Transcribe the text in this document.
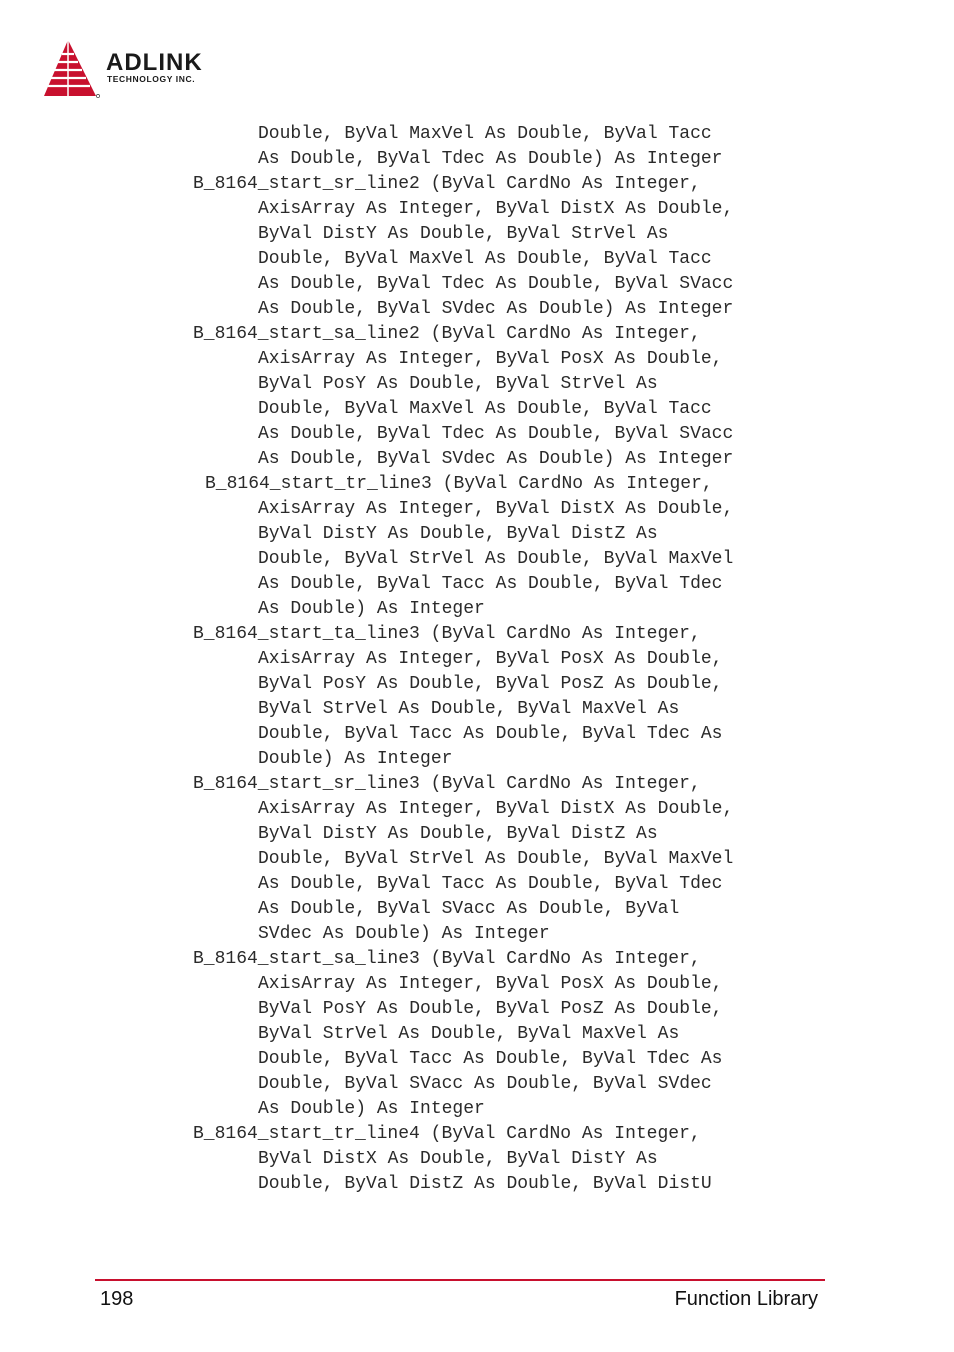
ADLINK
TECHNOLOGY INC.
Double, ByVal MaxVel As Double, ByVal Tacc
As Double, ByVal Tdec As Double) As Integer
B_8164_start_sr_line2 (ByVal CardNo As Integer,
AxisArray As Integer, ByVal DistX As Double,
ByVal DistY As Double, ByVal StrVel As
Double, ByVal MaxVel As Double, ByVal Tacc
As Double, ByVal Tdec As Double, ByVal SVacc
As Double, ByVal SVdec As Double) As Integer
B_8164_start_sa_line2 (ByVal CardNo As Integer,
AxisArray As Integer, ByVal PosX As Double,
ByVal PosY As Double, ByVal StrVel As
Double, ByVal MaxVel As Double, ByVal Tacc
As Double, ByVal Tdec As Double, ByVal SVacc
As Double, ByVal SVdec As Double) As Integer
B_8164_start_tr_line3 (ByVal CardNo As Integer,
AxisArray As Integer, ByVal DistX As Double,
ByVal DistY As Double, ByVal DistZ As
Double, ByVal StrVel As Double, ByVal MaxVel
As Double, ByVal Tacc As Double, ByVal Tdec
As Double) As Integer
B_8164_start_ta_line3 (ByVal CardNo As Integer,
AxisArray As Integer, ByVal PosX As Double,
ByVal PosY As Double, ByVal PosZ As Double,
ByVal StrVel As Double, ByVal MaxVel As
Double, ByVal Tacc As Double, ByVal Tdec As
Double) As Integer
B_8164_start_sr_line3 (ByVal CardNo As Integer,
AxisArray As Integer, ByVal DistX As Double,
ByVal DistY As Double, ByVal DistZ As
Double, ByVal StrVel As Double, ByVal MaxVel
As Double, ByVal Tacc As Double, ByVal Tdec
As Double, ByVal SVacc As Double, ByVal
SVdec As Double) As Integer
B_8164_start_sa_line3 (ByVal CardNo As Integer,
AxisArray As Integer, ByVal PosX As Double,
ByVal PosY As Double, ByVal PosZ As Double,
ByVal StrVel As Double, ByVal MaxVel As
Double, ByVal Tacc As Double, ByVal Tdec As
Double, ByVal SVacc As Double, ByVal SVdec
As Double) As Integer
B_8164_start_tr_line4 (ByVal CardNo As Integer,
ByVal DistX As Double, ByVal DistY As
Double, ByVal DistZ As Double, ByVal DistU
198	Function Library
